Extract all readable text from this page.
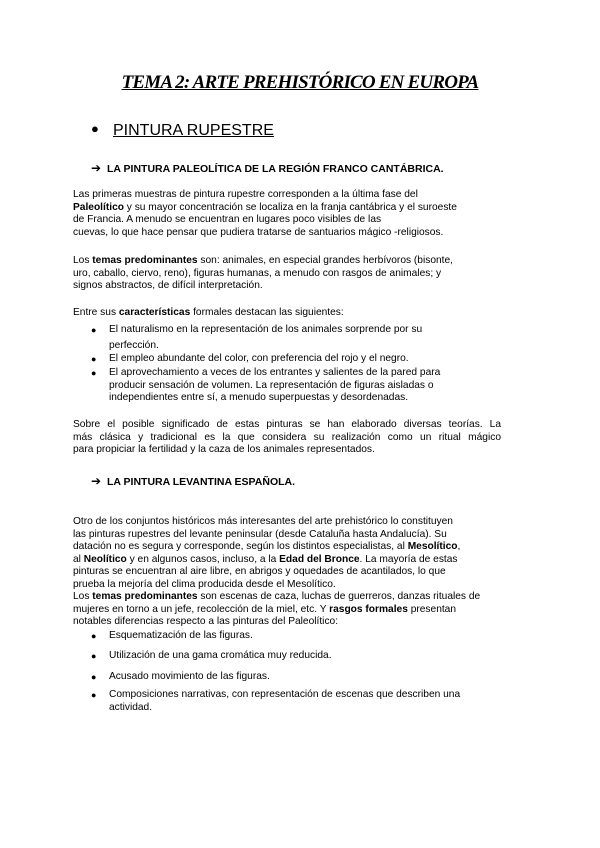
TEMA 2: ARTE PREHISTÓRICO EN EUROPA
● PINTURA RUPESTRE
➔ LA PINTURA PALEOLÍTICA DE LA REGIÓN FRANCO CANTÁBRICA.
Las primeras muestras de pintura rupestre corresponden a la última fase del
Paleolítico y su mayor concentración se localiza en la franja cantábrica y el suroeste
de Francia. A menudo se encuentran en lugares poco visibles de las
cuevas, lo que hace pensar que pudiera tratarse de santuarios mágico -religiosos.
Los temas predominantes son: animales, en especial grandes herbívoros (bisonte,
uro, caballo, ciervo, reno), figuras humanas, a menudo con rasgos de animales; y
signos abstractos, de difícil interpretación.
Entre sus características formales destacan las siguientes:
● El naturalismo en la representación de los animales sorprende por su
perfección.
● El empleo abundante del color, con preferencia del rojo y el negro.
● El aprovechamiento a veces de los entrantes y salientes de la pared para
producir sensación de volumen. La representación de figuras aisladas o
independientes entre sí, a menudo superpuestas y desordenadas.
Sobre el posible significado de estas pinturas se han elaborado diversas teorías. La
más clásica y tradicional es la que considera su realización como un ritual mágico
para propiciar la fertilidad y la caza de los animales representados.
➔ LA PINTURA LEVANTINA ESPAÑOLA.
Otro de los conjuntos históricos más interesantes del arte prehistórico lo constituyen
las pinturas rupestres del levante peninsular (desde Cataluña hasta Andalucía). Su
datación no es segura y corresponde, según los distintos especialistas, al Mesolítico,
al Neolítico y en algunos casos, incluso, a la Edad del Bronce. La mayoría de estas
pinturas se encuentran al aire libre, en abrigos y oquedades de acantilados, lo que
prueba la mejoría del clima producida desde el Mesolítico.
Los temas predominantes son escenas de caza, luchas de guerreros, danzas rituales de
mujeres en torno a un jefe, recolección de la miel, etc. Y rasgos formales presentan
notables diferencias respecto a las pinturas del Paleolítico:
● Esquematización de las figuras.
● Utilización de una gama cromática muy reducida.
● Acusado movimiento de las figuras.
● Composiciones narrativas, con representación de escenas que describen una
actividad.
